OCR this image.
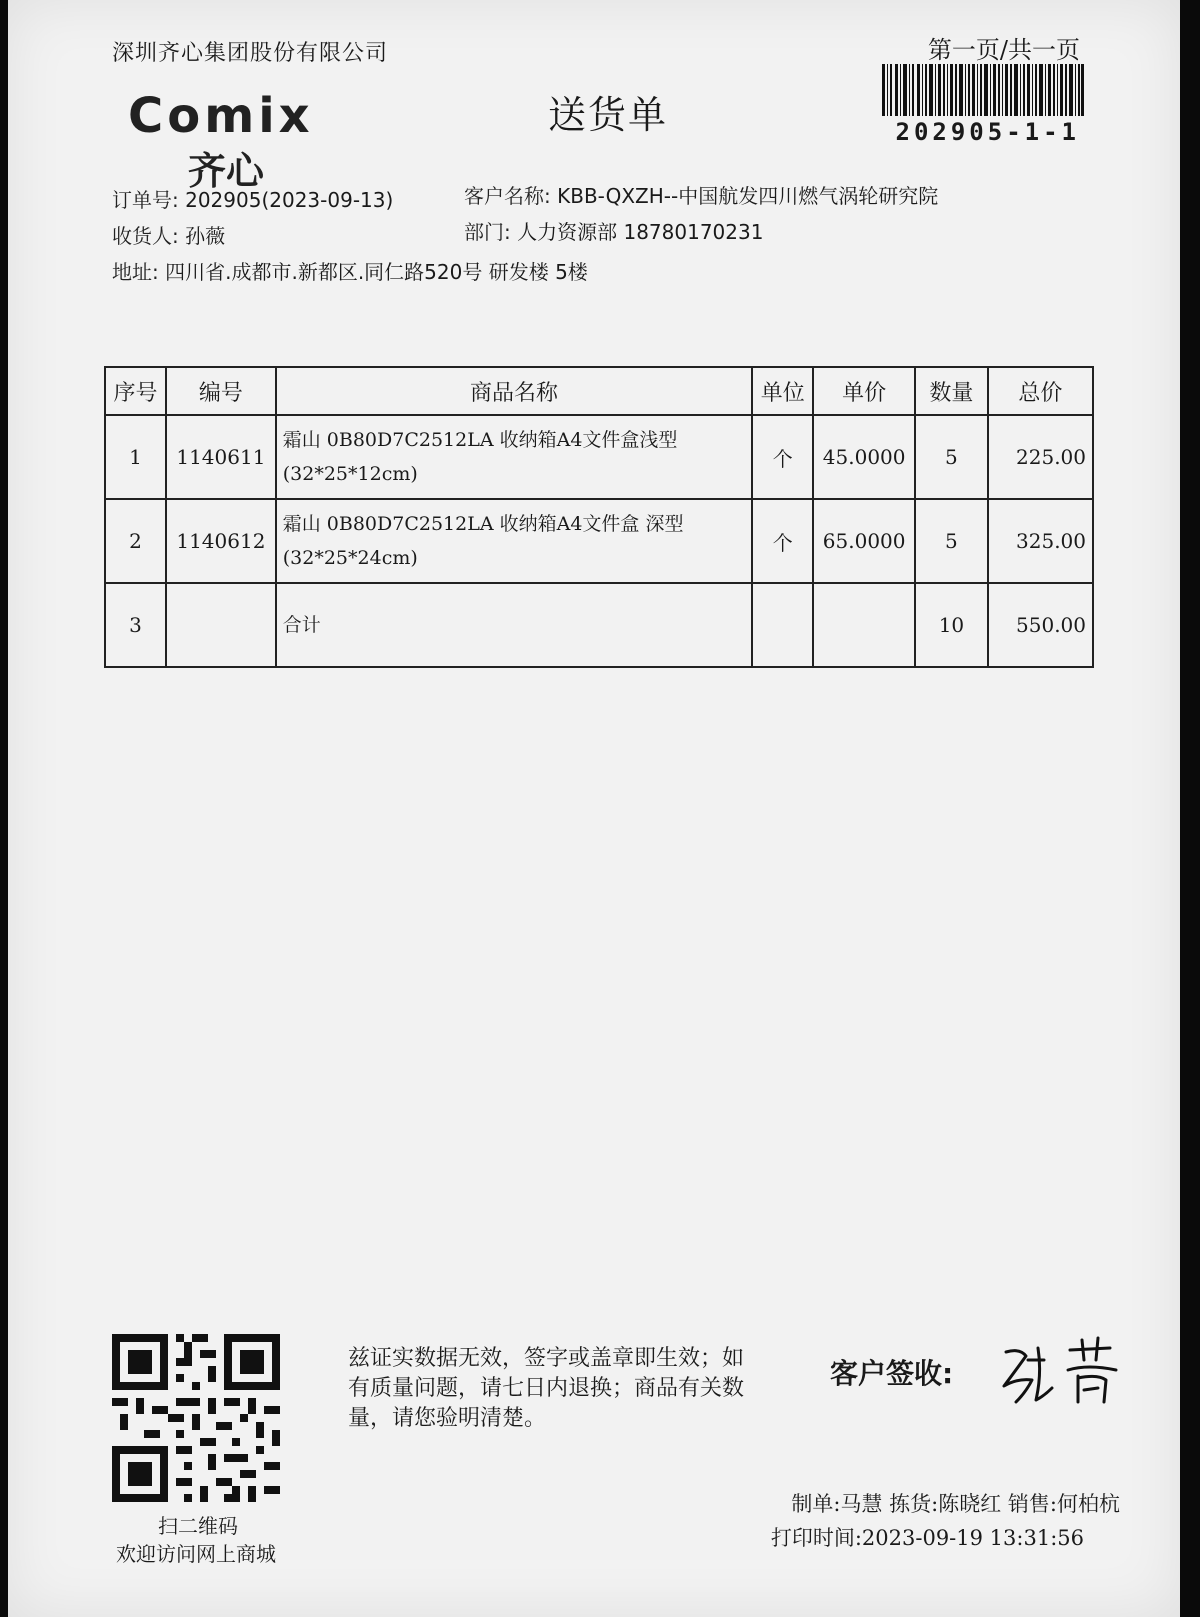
深圳齐心集团股份有限公司	第一页/共一页
Comix
齐心
送货单	202905-1-1
订单号: 202905(2023-09-13)	客户名称: KBB-QXZH--中国航发四川燃气涡轮研究院
收货人: 孙薇	部门: 人力资源部 18780170231
地址: 四川省.成都市.新都区.同仁路520号 研发楼 5楼
序号	编号	商品名称	单位	单价	数量	总价
1	1140611	霜山 0B80D7C2512LA 收纳箱A4文件盒浅型
(32*25*12cm)	个	45.0000	5	225.00
2	1140612	霜山 0B80D7C2512LA 收纳箱A4文件盒 深型
(32*25*24cm)	个	65.0000	5	325.00
3		合计			10	550.00
扫二维码
欢迎访问网上商城
兹证实数据无效，签字或盖章即生效；如有质量问题，请七日内退换；商品有关数量，请您验明清楚。
客户签收:
制单:马慧 拣货:陈晓红 销售:何柏杭
打印时间:2023-09-19 13:31:56
